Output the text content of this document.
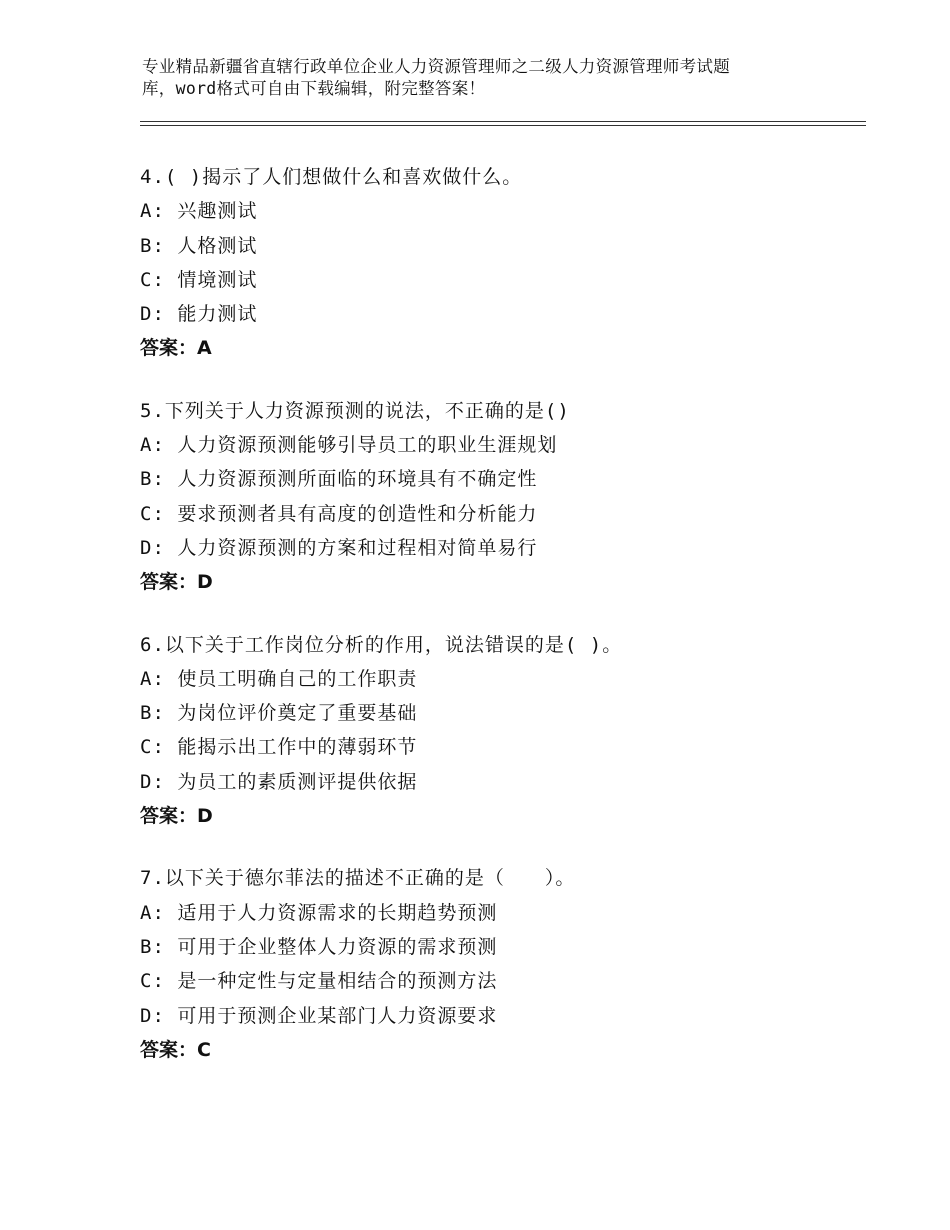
专业精品新疆省直辖行政单位企业人力资源管理师之二级人力资源管理师考试题
库，word格式可自由下载编辑，附完整答案！
4.( )揭示了人们想做什么和喜欢做什么。
A: 兴趣测试
B: 人格测试
C: 情境测试
D: 能力测试
答案：A
5.下列关于人力资源预测的说法，不正确的是()
A: 人力资源预测能够引导员工的职业生涯规划
B: 人力资源预测所面临的环境具有不确定性
C: 要求预测者具有高度的创造性和分析能力
D: 人力资源预测的方案和过程相对简单易行
答案：D
6.以下关于工作岗位分析的作用，说法错误的是( )。
A: 使员工明确自己的工作职责
B: 为岗位评价奠定了重要基础
C: 能揭示出工作中的薄弱环节
D: 为员工的素质测评提供依据
答案：D
7.以下关于德尔菲法的描述不正确的是（　　）。
A: 适用于人力资源需求的长期趋势预测
B: 可用于企业整体人力资源的需求预测
C: 是一种定性与定量相结合的预测方法
D: 可用于预测企业某部门人力资源要求
答案：C
